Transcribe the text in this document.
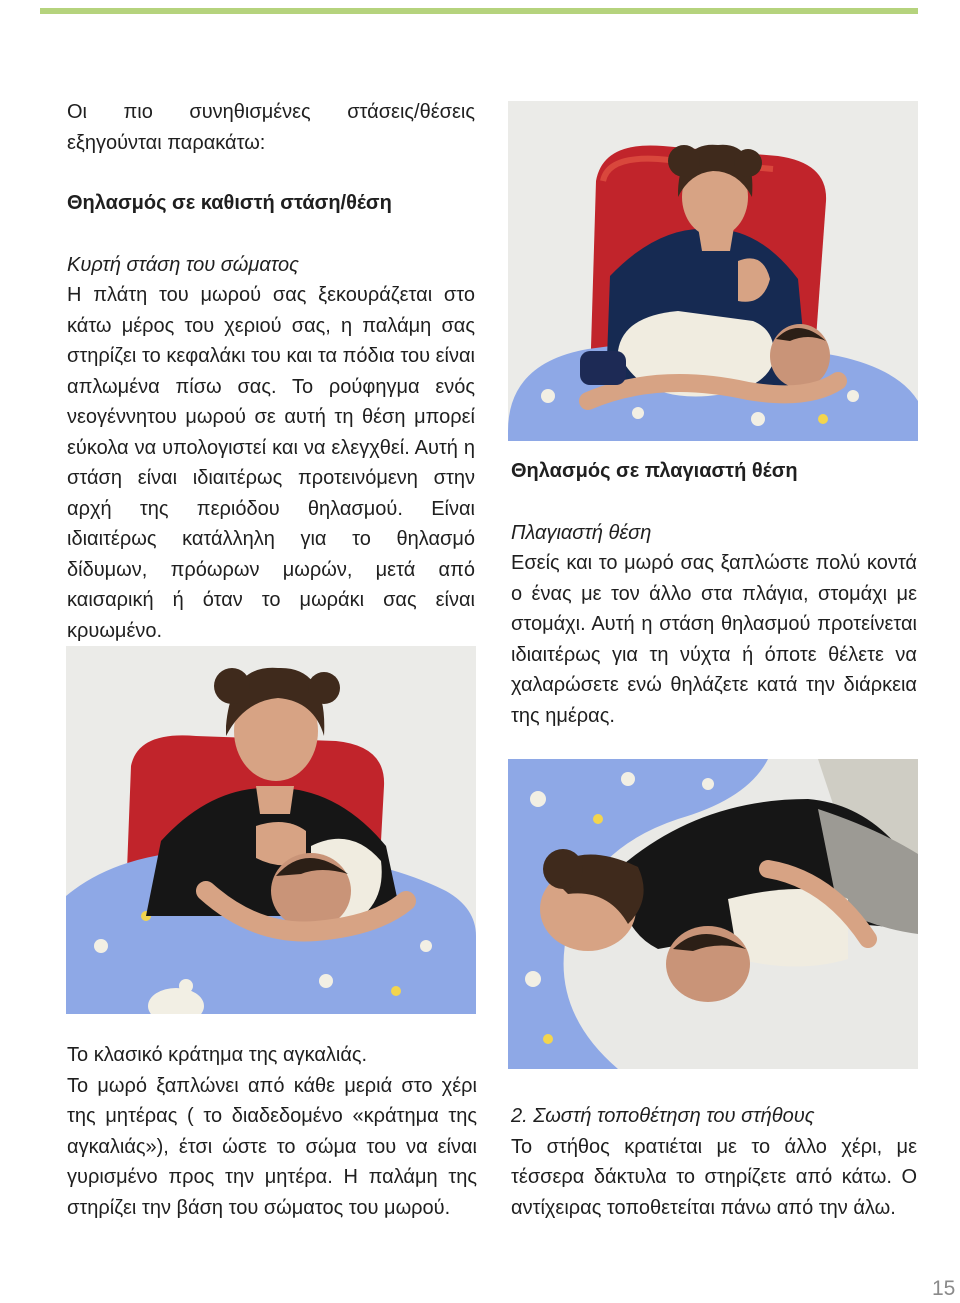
Οι πιο συνηθισμένες στάσεις/θέσεις εξηγούνται παρακάτω:

Θηλασμός σε καθιστή στάση/θέση

Κυρτή στάση του σώματος

Η πλάτη του μωρού σας ξεκουράζεται στο κάτω μέρος του χεριού σας, η παλάμη σας στηρίζει το κεφαλάκι του και τα πόδια του είναι απλωμένα πίσω σας. Το ρούφηγμα ενός νεογέννητου μωρού σε αυτή τη θέση μπορεί εύκολα να υπολογιστεί και να ελεγχθεί. Αυτή η στάση είναι ιδιαιτέρως προτεινόμενη στην αρχή της περιόδου θηλασμού. Είναι ιδιαιτέρως κατάλληλη για το θηλασμό δίδυμων, πρόωρων μωρών, μετά από καισαρική ή όταν το μωράκι σας είναι κρυωμένο.

Θηλασμός σε πλαγιαστή θέση

Πλαγιαστή θέση

Εσείς και το μωρό σας ξαπλώστε πολύ κοντά ο ένας με τον άλλο στα πλάγια, στομάχι με στομάχι. Αυτή η στάση θηλασμού προτείνεται ιδιαιτέρως για τη νύχτα ή όποτε θέλετε να χαλαρώσετε ενώ θηλάζετε κατά την διάρκεια της ημέρας.

Το κλασικό κράτημα της αγκαλιάς.

Το μωρό ξαπλώνει από κάθε μεριά στο χέρι της μητέρας ( το διαδεδομένο «κράτημα της αγκαλιάς»), έτσι ώστε το σώμα του να είναι γυρισμένο προς την μητέρα. Η παλάμη της στηρίζει την βάση του σώματος του μωρού.

2. Σωστή τοποθέτηση του στήθους

Το στήθος κρατιέται με το άλλο χέρι, με τέσσερα δάκτυλα το στηρίζετε από κάτω. Ο αντίχειρας τοποθετείται πάνω από την άλω.

15
